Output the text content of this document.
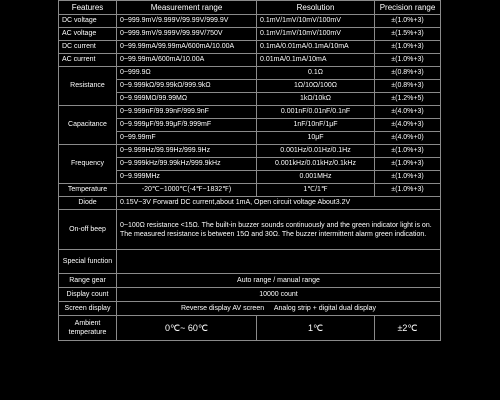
Features	Measurement range	Resolution	Precision range
DC voltage	0~999.9mV/9.999V/99.99V/999.9V	0.1mV/1mV/10mV/100mV	±(1.0%+3)
AC voltage	0~999.9mV/9.999V/99.99V/750V	0.1mV/1mV/10mV/100mV	±(1.5%+3)
DC current	0~99.99mA/99.99mA/600mA/10.00A	0.1mA/0.01mA/0.1mA/10mA	±(1.0%+3)
AC current	0~99.99mA/600mA/10.00A	0.01mA/0.1mA/10mA	±(1.0%+3)
Resistance	0~999.9Ω	0.1Ω	±(0.8%+3)
	0~9.999kΩ/99.99kΩ/999.9kΩ	1Ω/10Ω/100Ω	±(0.8%+3)
	0~9.999MΩ/99.99MΩ	1kΩ/10kΩ	±(1.2%+5)
Capacitance	0~9.999nF/99.99nF/999.9nF	0.001nF/0.01nF/0.1nF	±(4.0%+3)
	0~9.999μF/99.99μF/9.999mF	1nF/10nF/1μF	±(4.0%+3)
	0~99.99mF	10μF	±(4.0%+0)
Frequency	0~9.999Hz/99.99Hz/999.9Hz	0.001Hz/0.01Hz/0.1Hz	±(1.0%+3)
	0~9.999kHz/99.99kHz/999.9kHz	0.001kHz/0.01kHz/0.1kHz	±(1.0%+3)
	0~9.999MHz	0.001MHz	±(1.0%+3)
Temperature	-20℃~1000℃(-4℉~1832℉)	1℃/1℉	±(1.0%+3)
Diode	0.15V~3V Forward DC current,about 1mA, Open circuit voltage About3.2V		
On-off beep	0~100Ω resistance <15Ω. The built-in buzzer sounds continuously and the green indicator light is on. The measured resistance is between 15Ω and 30Ω. The buzzer intermittent alarm green indication.		
Special function			
Range gear	Auto range / manual range		
Display count	10000 count		
Screen display	Reverse display AV screen Analog strip + digital dual display		
Ambient temperature	0℃~ 60℃	1℃	±2℃
